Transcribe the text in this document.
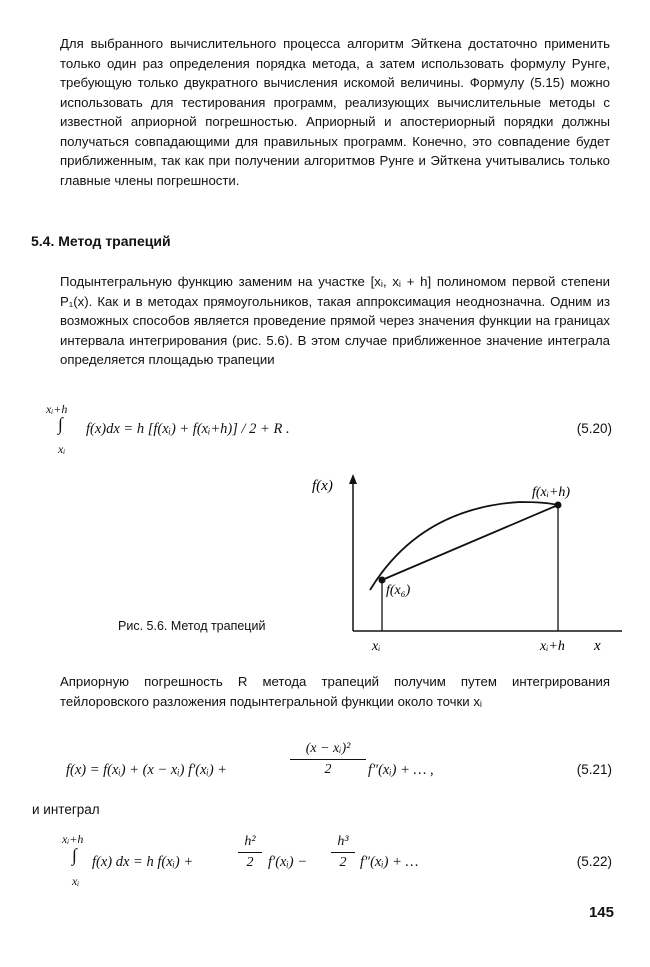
Для выбранного вычислительного процесса алгоритм Эйткена достаточно применить только один раз определения порядка метода, а затем использовать формулу Рунге, требующую только двукратного вычисления искомой величины. Формулу (5.15) можно использовать для тестирования программ, реализующих вычислительные методы с известной априорной погрешностью. Априорный и апостериорный порядки должны получаться совпадающими для правильных программ. Конечно, это совпадение будет приближенным, так как при получении алгоритмов Рунге и Эйткена учитывались только главные члены погрешности.

5.4. Метод трапеций

Подынтегральную функцию заменим на участке [xᵢ, xᵢ + h] полиномом первой степени P₁(x). Как и в методах прямоугольников, такая аппроксимация неоднозначна. Одним из возможных способов является проведение прямой через значения функции на границах интервала интегрирования (рис. 5.6). В этом случае приближенное значение интеграла определяется площадью трапеции

xᵢ+h
∫
xᵢ
f(x)dx = h [f(xᵢ) + f(xᵢ+h)] / 2 + R .	(5.20)
f(x)
x
f(x₆)
f(xᵢ+h)
xᵢ	xᵢ+h
Рис. 5.6. Метод трапеций

Априорную погрешность R метода трапеций получим путем интегрирования тейлоровского разложения подынтегральной функции около точки xᵢ

f(x) = f(xᵢ) + (x − xᵢ) f′(xᵢ) +
(x − xᵢ)²
2	f″(xᵢ) + … ,	(5.21)
и интеграл
xᵢ+h
∫
xᵢ
f(x) dx = h f(xᵢ) +
h²
2	f′(xᵢ) −
h³
2 f″(xᵢ) + …	(5.22)
145
